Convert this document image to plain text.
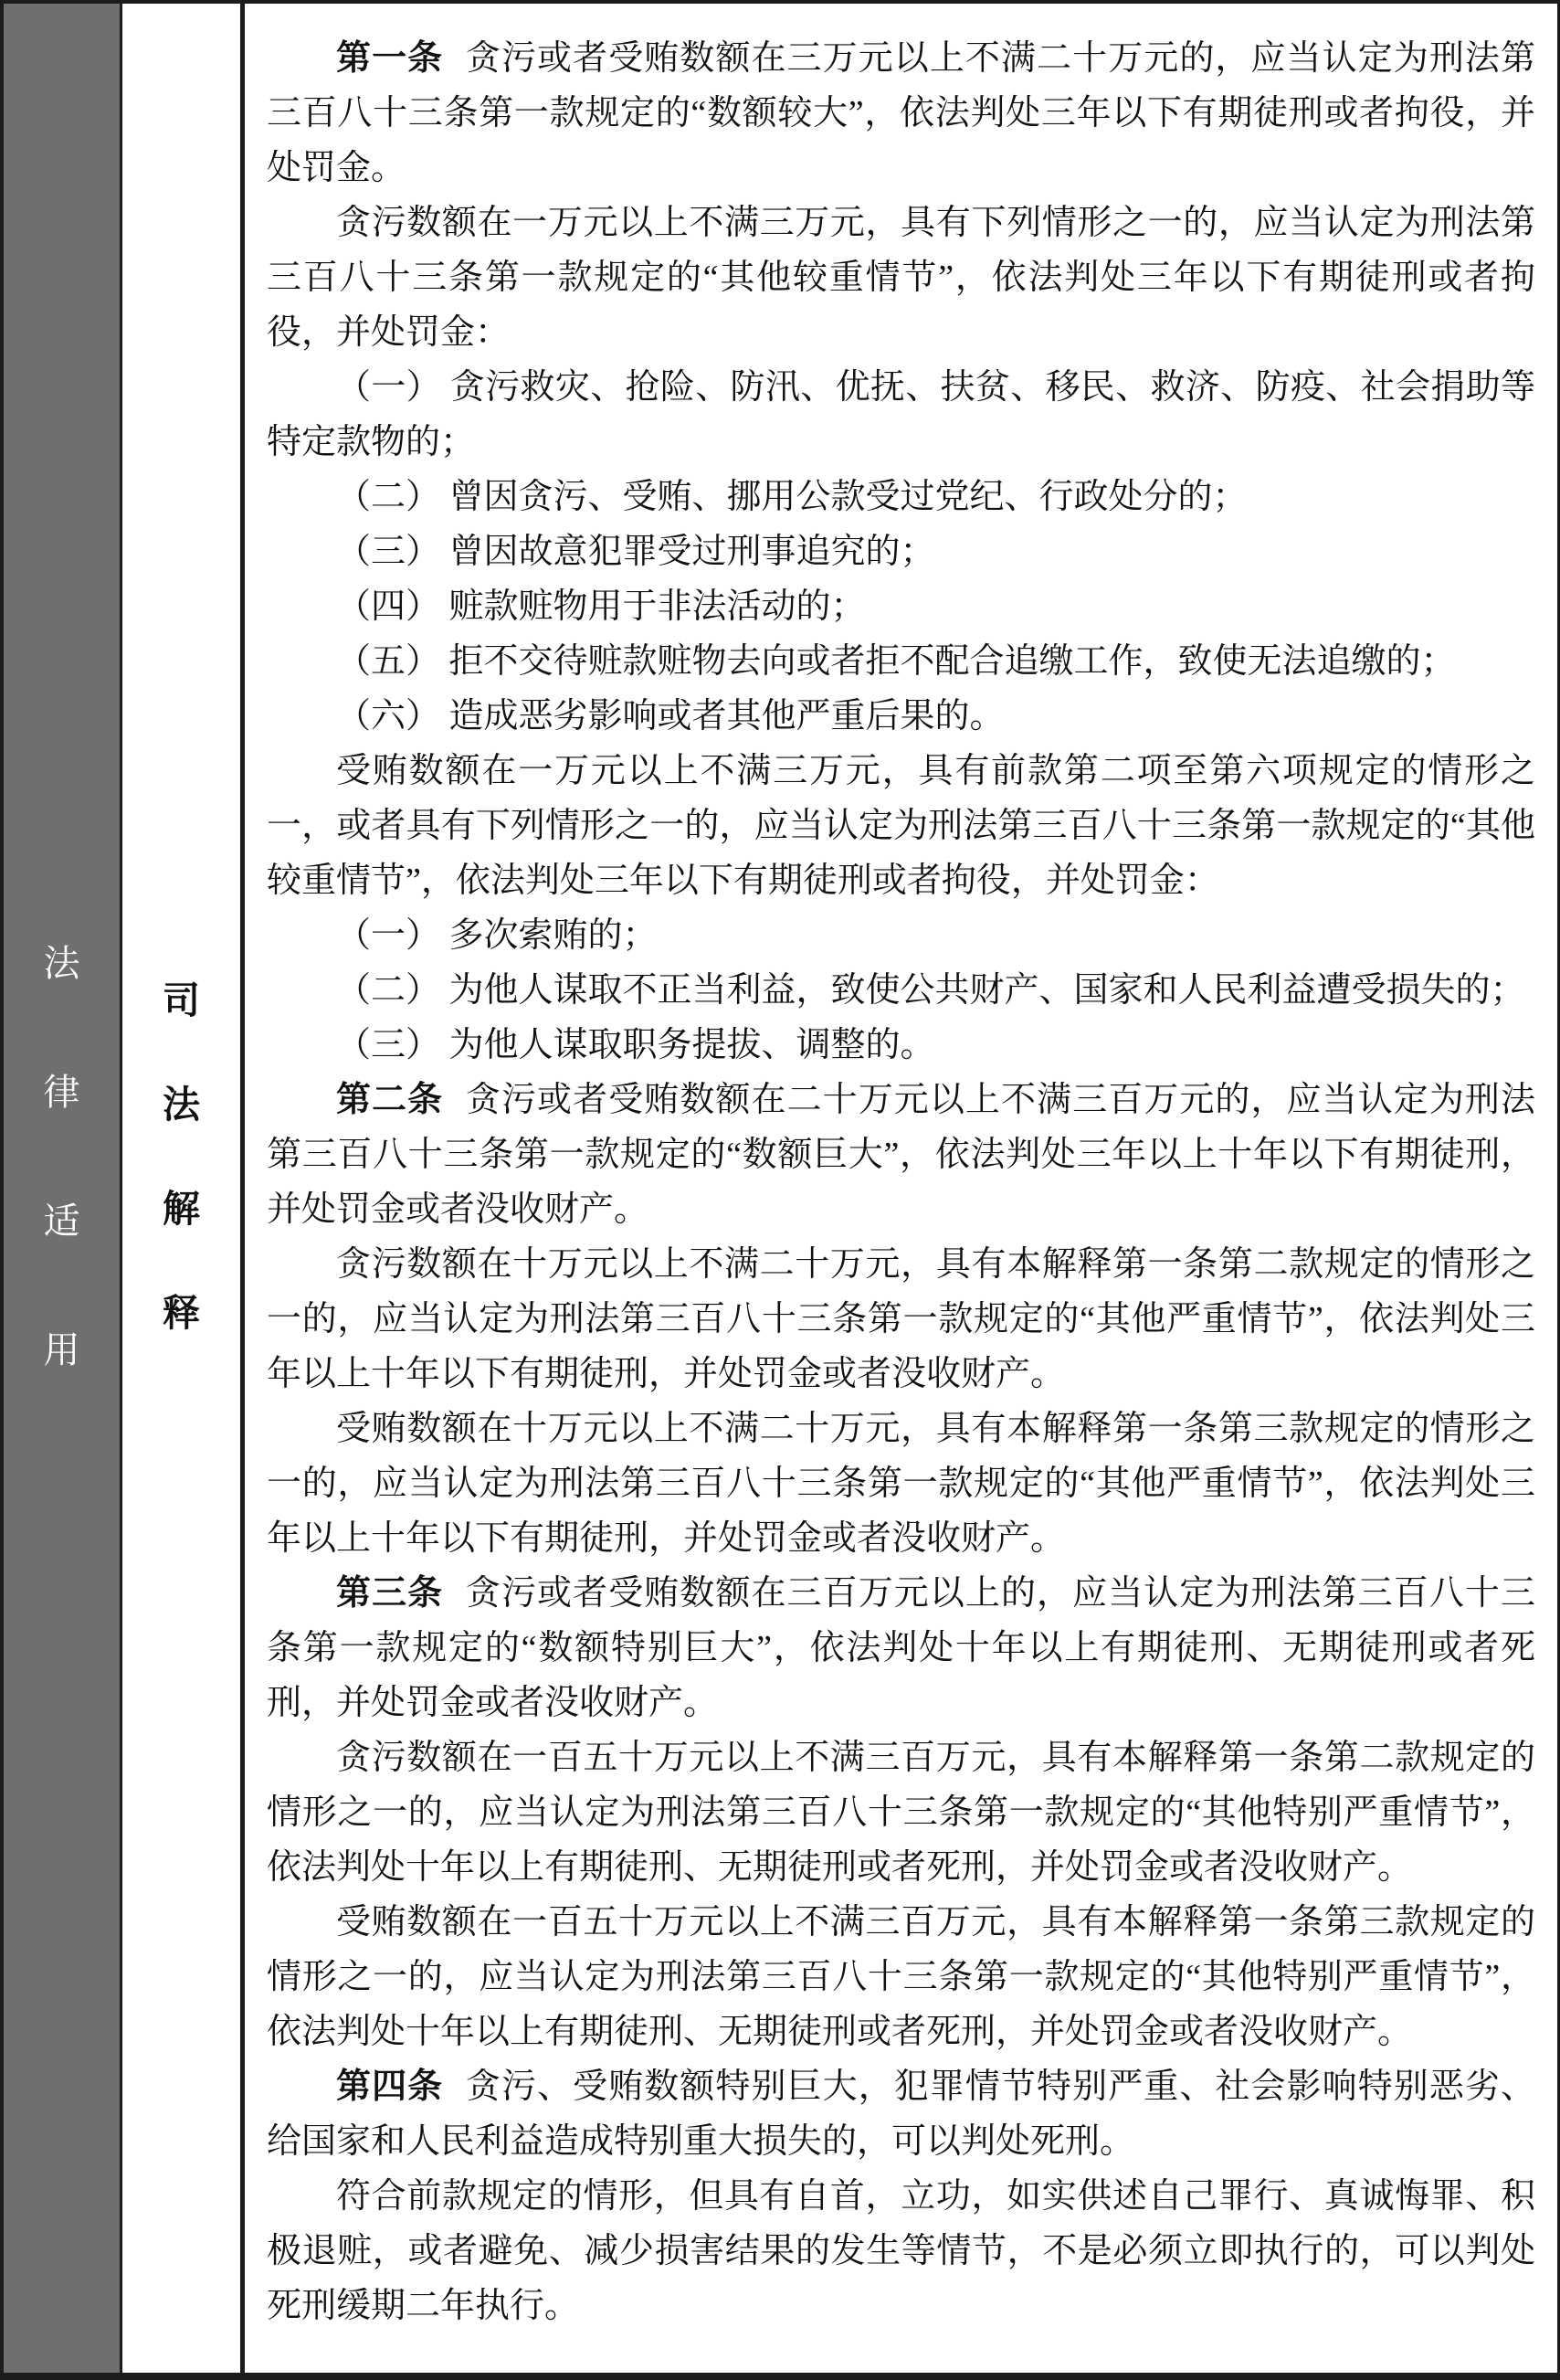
法
律
适
用
司
法
解
释

第一条 贪污或者受贿数额在三万元以上不满二十万元的，应当认定为刑法第三百八十三条第一款规定的“数额较大”，依法判处三年以下有期徒刑或者拘役，并处罚金。

贪污数额在一万元以上不满三万元，具有下列情形之一的，应当认定为刑法第三百八十三条第一款规定的“其他较重情节”，依法判处三年以下有期徒刑或者拘役，并处罚金：

（一） 贪污救灾、抢险、防汛、优抚、扶贫、移民、救济、防疫、社会捐助等特定款物的；

（二） 曾因贪污、受贿、挪用公款受过党纪、行政处分的；

（三） 曾因故意犯罪受过刑事追究的；

（四） 赃款赃物用于非法活动的；

（五） 拒不交待赃款赃物去向或者拒不配合追缴工作，致使无法追缴的；

（六） 造成恶劣影响或者其他严重后果的。

受贿数额在一万元以上不满三万元，具有前款第二项至第六项规定的情形之一，或者具有下列情形之一的，应当认定为刑法第三百八十三条第一款规定的“其他较重情节”，依法判处三年以下有期徒刑或者拘役，并处罚金：

（一） 多次索贿的；

（二） 为他人谋取不正当利益，致使公共财产、国家和人民利益遭受损失的；

（三） 为他人谋取职务提拔、调整的。

第二条 贪污或者受贿数额在二十万元以上不满三百万元的，应当认定为刑法第三百八十三条第一款规定的“数额巨大”，依法判处三年以上十年以下有期徒刑，并处罚金或者没收财产。

贪污数额在十万元以上不满二十万元，具有本解释第一条第二款规定的情形之一的，应当认定为刑法第三百八十三条第一款规定的“其他严重情节”，依法判处三年以上十年以下有期徒刑，并处罚金或者没收财产。

受贿数额在十万元以上不满二十万元，具有本解释第一条第三款规定的情形之一的，应当认定为刑法第三百八十三条第一款规定的“其他严重情节”，依法判处三年以上十年以下有期徒刑，并处罚金或者没收财产。

第三条 贪污或者受贿数额在三百万元以上的，应当认定为刑法第三百八十三条第一款规定的“数额特别巨大”，依法判处十年以上有期徒刑、无期徒刑或者死刑，并处罚金或者没收财产。

贪污数额在一百五十万元以上不满三百万元，具有本解释第一条第二款规定的情形之一的，应当认定为刑法第三百八十三条第一款规定的“其他特别严重情节”，依法判处十年以上有期徒刑、无期徒刑或者死刑，并处罚金或者没收财产。

受贿数额在一百五十万元以上不满三百万元，具有本解释第一条第三款规定的情形之一的，应当认定为刑法第三百八十三条第一款规定的“其他特别严重情节”，依法判处十年以上有期徒刑、无期徒刑或者死刑，并处罚金或者没收财产。

第四条 贪污、受贿数额特别巨大，犯罪情节特别严重、社会影响特别恶劣、给国家和人民利益造成特别重大损失的，可以判处死刑。

符合前款规定的情形，但具有自首，立功，如实供述自己罪行、真诚悔罪、积极退赃，或者避免、减少损害结果的发生等情节，不是必须立即执行的，可以判处死刑缓期二年执行。
